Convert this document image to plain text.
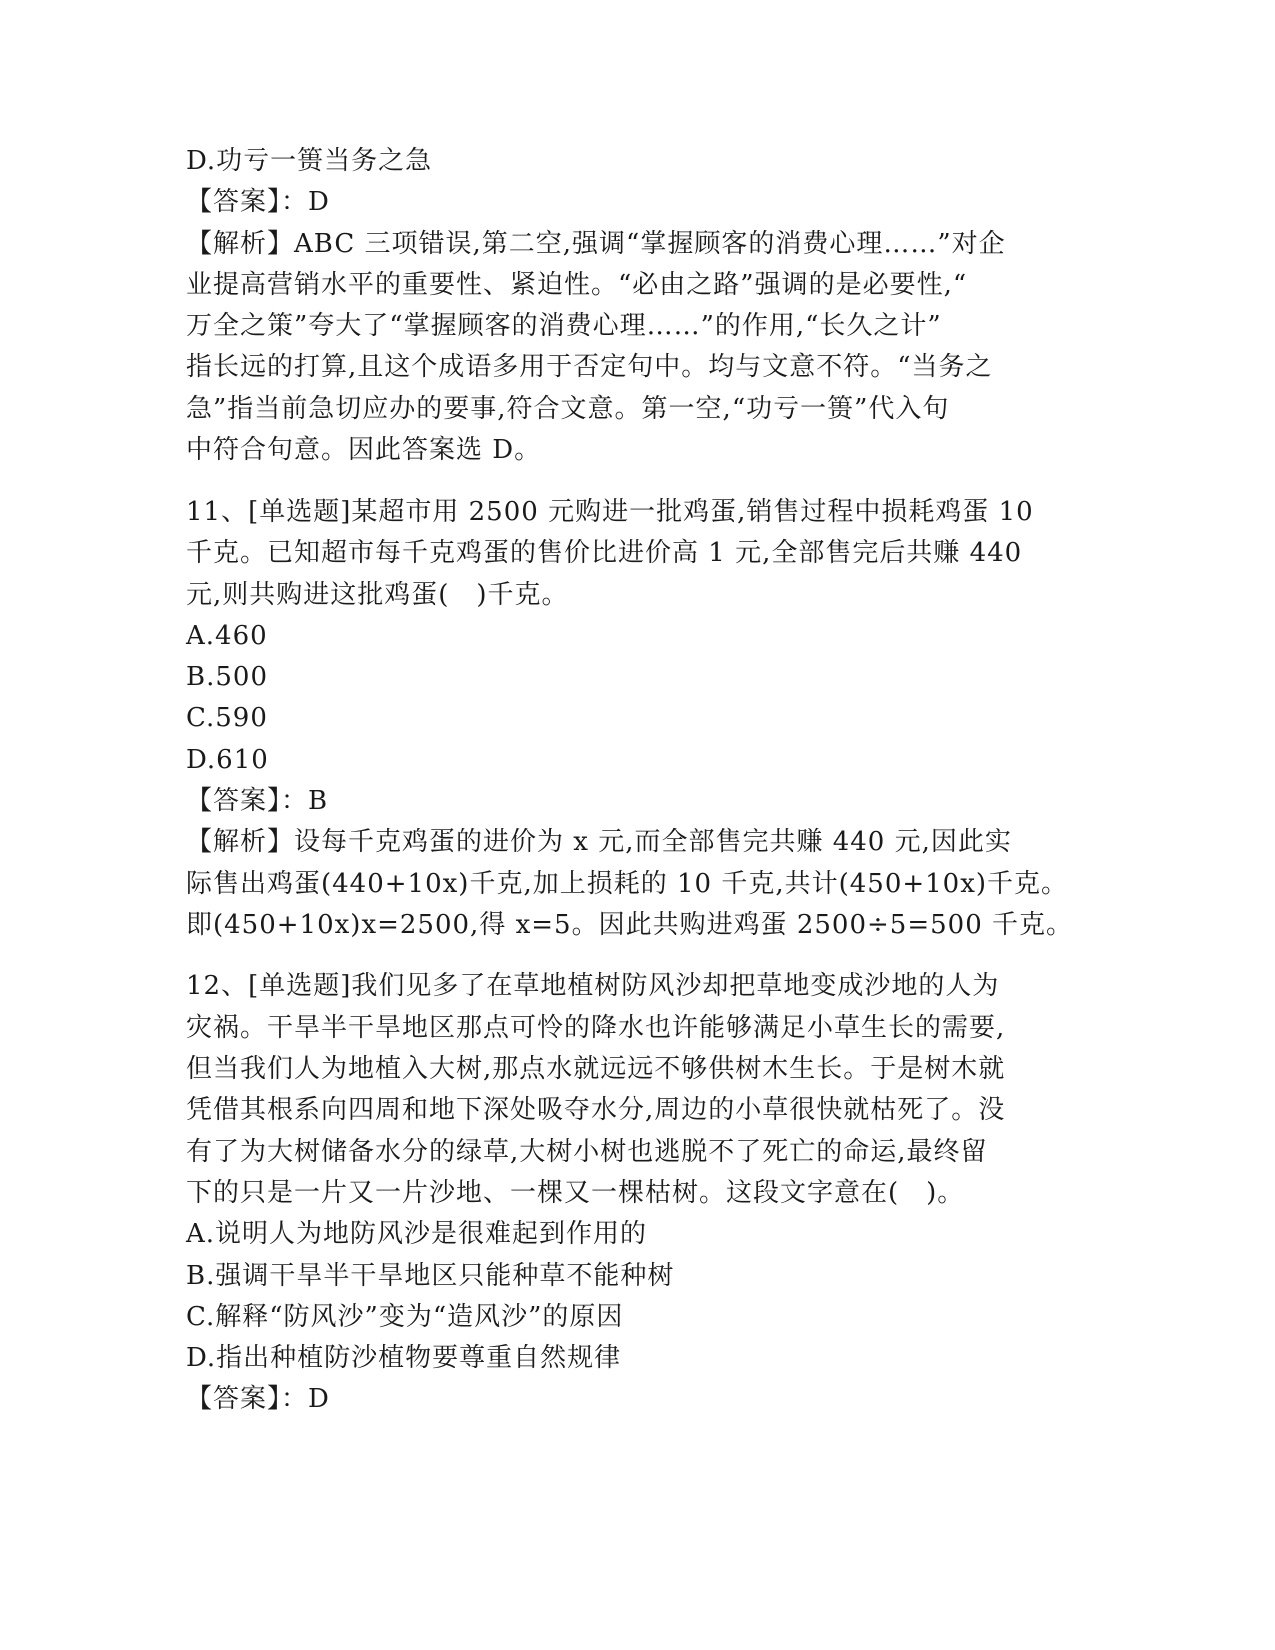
D.功亏一篑当务之急
【答案】：D
【解析】ABC 三项错误,第二空,强调“掌握顾客的消费心理……”对企
业提高营销水平的重要性、紧迫性。“必由之路”强调的是必要性,“
万全之策”夸大了“掌握顾客的消费心理……”的作用,“长久之计”
指长远的打算,且这个成语多用于否定句中。均与文意不符。“当务之
急”指当前急切应办的要事,符合文意。第一空,“功亏一篑”代入句
中符合句意。因此答案选 D。
11、[单选题]某超市用 2500 元购进一批鸡蛋,销售过程中损耗鸡蛋 10
千克。已知超市每千克鸡蛋的售价比进价高 1 元,全部售完后共赚 440
元,则共购进这批鸡蛋(　)千克。
A.460
B.500
C.590
D.610
【答案】：B
【解析】设每千克鸡蛋的进价为 x 元,而全部售完共赚 440 元,因此实
际售出鸡蛋(440+10x)千克,加上损耗的 10 千克,共计(450+10x)千克。
即(450+10x)x=2500,得 x=5。因此共购进鸡蛋 2500÷5=500 千克。
12、[单选题]我们见多了在草地植树防风沙却把草地变成沙地的人为
灾祸。干旱半干旱地区那点可怜的降水也许能够满足小草生长的需要,
但当我们人为地植入大树,那点水就远远不够供树木生长。于是树木就
凭借其根系向四周和地下深处吸夺水分,周边的小草很快就枯死了。没
有了为大树储备水分的绿草,大树小树也逃脱不了死亡的命运,最终留
下的只是一片又一片沙地、一棵又一棵枯树。这段文字意在(　)。
A.说明人为地防风沙是很难起到作用的
B.强调干旱半干旱地区只能种草不能种树
C.解释“防风沙”变为“造风沙”的原因
D.指出种植防沙植物要尊重自然规律
【答案】：D
